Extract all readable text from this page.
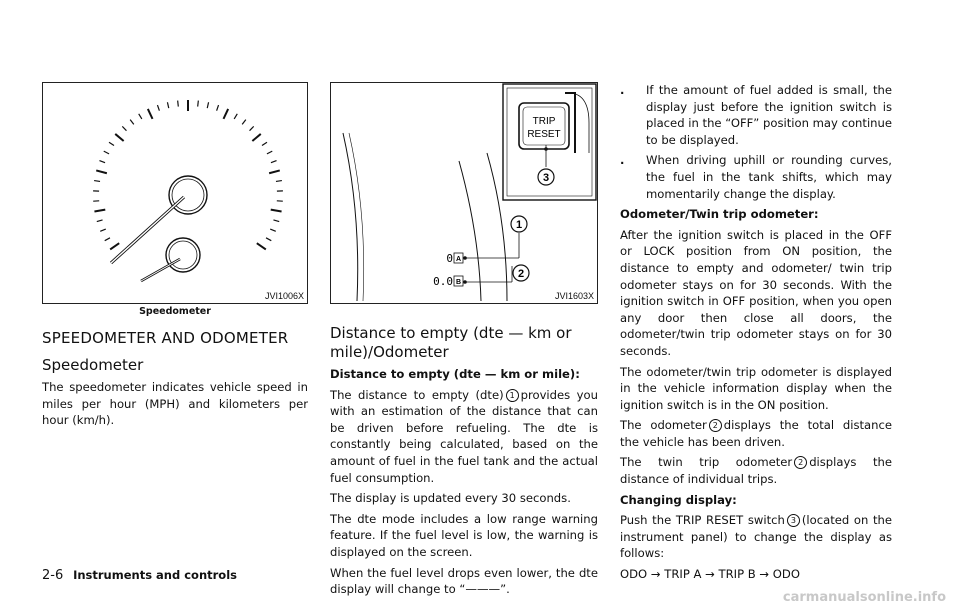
JVI1006X
Speedometer
SPEEDOMETER AND ODOMETER
Speedometer

The speedometer indicates vehicle speed in miles per hour (MPH) and kilometers per hour (km/h).

TRIP
RESET
3
0 A
0.0 B
1
2
JVI1603X
Distance to empty (dte — km or mile)/Odometer

Distance to empty (dte — km or mile):

The distance to empty (dte) 1 provides you with an estimation of the distance that can be driven before refueling. The dte is constantly being calculated, based on the amount of fuel in the fuel tank and the actual fuel consumption.

The display is updated every 30 seconds.

The dte mode includes a low range warning feature. If the fuel level is low, the warning is displayed on the screen.

When the fuel level drops even lower, the dte display will change to “———”.

.	If the amount of fuel added is small, the display just before the ignition switch is placed in the “OFF” position may continue to be displayed.
.	When driving uphill or rounding curves, the fuel in the tank shifts, which may momentarily change the display.

Odometer/Twin trip odometer:

After the ignition switch is placed in the OFF or LOCK position from ON position, the distance to empty and odometer/ twin trip odometer stays on for 30 seconds. With the ignition switch in OFF position, when you open any door then close all doors, the odometer/twin trip odometer stays on for 30 seconds.

The odometer/twin trip odometer is displayed in the vehicle information display when the ignition switch is in the ON position.

The odometer 2 displays the total distance the vehicle has been driven.

The twin trip odometer 2 displays the distance of individual trips.

Changing display:

Push the TRIP RESET switch 3 (located on the instrument panel) to change the display as follows:

ODO → TRIP A → TRIP B → ODO

2-6 Instruments and controls
carmanualsonline.info
